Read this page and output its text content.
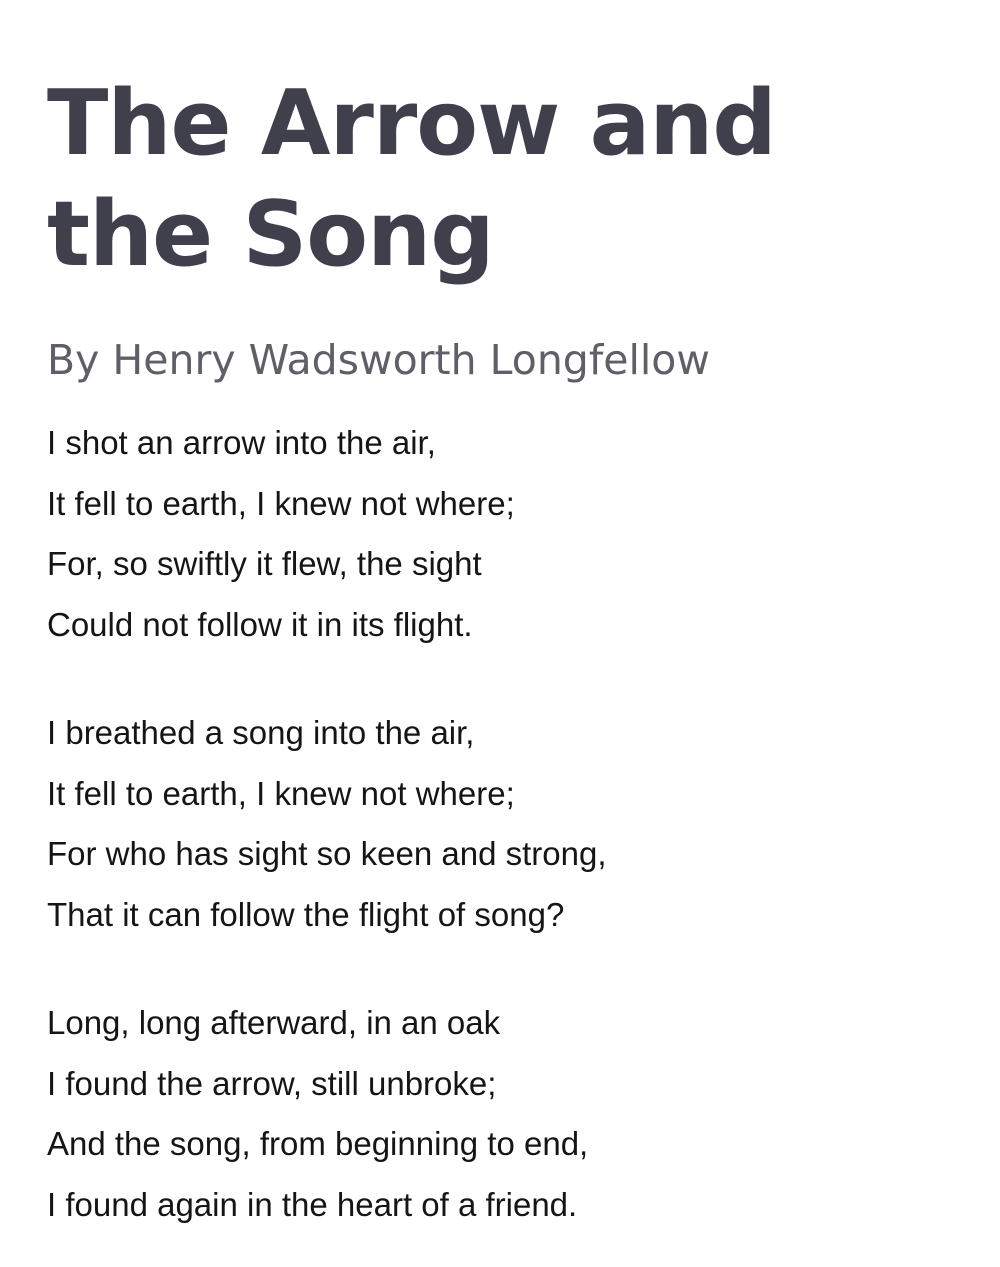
The Arrow and
the Song

By Henry Wadsworth Longfellow

I shot an arrow into the air,
It fell to earth, I knew not where;
For, so swiftly it flew, the sight
Could not follow it in its flight.
I breathed a song into the air,
It fell to earth, I knew not where;
For who has sight so keen and strong,
That it can follow the flight of song?
Long, long afterward, in an oak
I found the arrow, still unbroke;
And the song, from beginning to end,
I found again in the heart of a friend.
